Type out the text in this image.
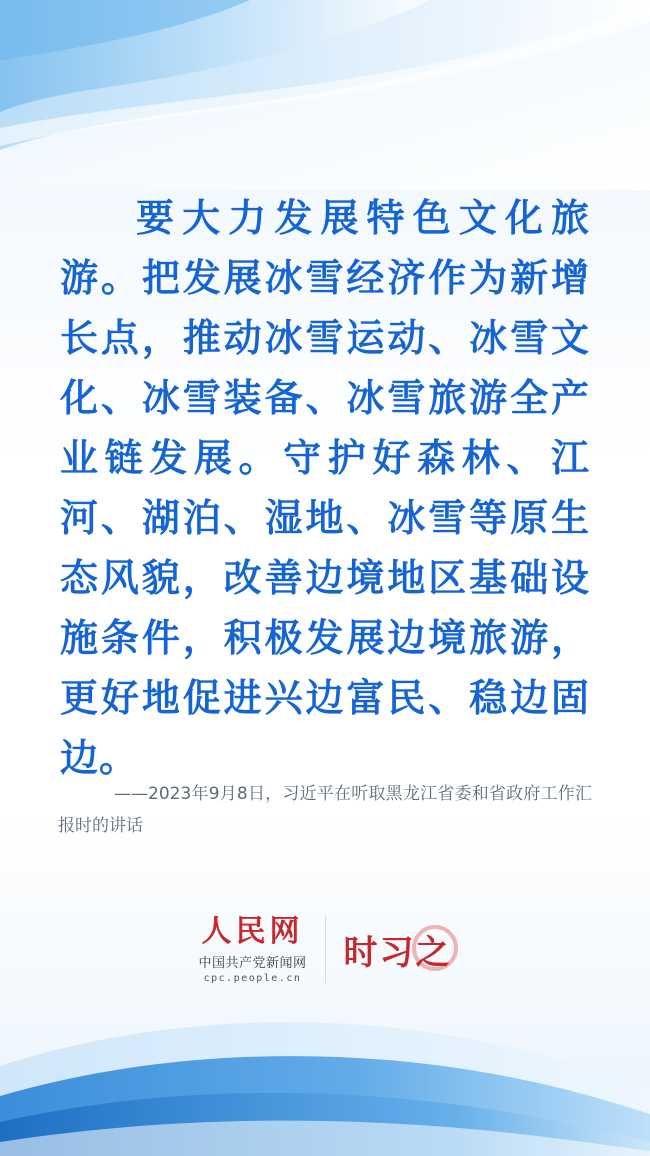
要大力发展特色文化旅游。把发展冰雪经济作为新增长点，推动冰雪运动、冰雪文化、冰雪装备、冰雪旅游全产业链发展。守护好森林、江河、湖泊、湿地、冰雪等原生态风貌，改善边境地区基础设施条件，积极发展边境旅游，更好地促进兴边富民、稳边固边。
——2023年9月8日，习近平在听取黑龙江省委和省政府工作汇报时的讲话
人民网
中国共产党新闻网
cpc.people.cn
时习之
